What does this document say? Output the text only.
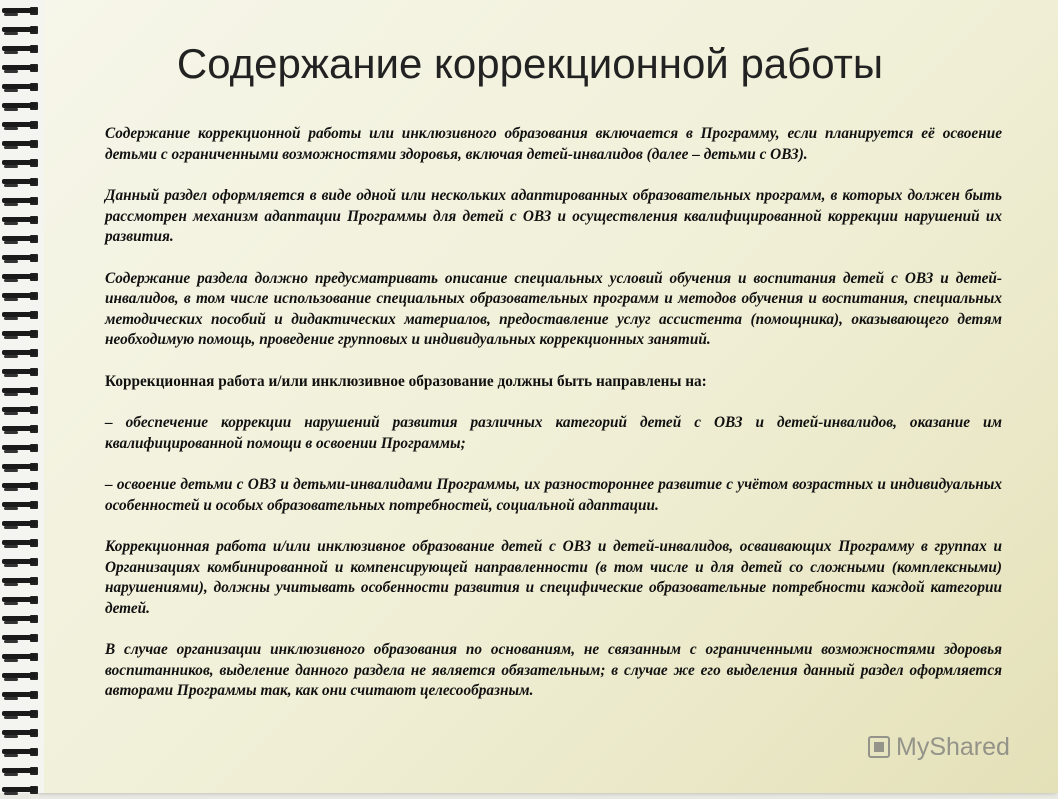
Содержание коррекционной работы

Содержание коррекционной работы или инклюзивного образования включается в Программу, если планируется её освоение детьми с ограниченными возможностями здоровья, включая детей-инвалидов (далее – детьми с ОВЗ).

Данный раздел оформляется в виде одной или нескольких адаптированных образовательных программ, в которых должен быть рассмотрен механизм адаптации Программы для детей с ОВЗ и осуществления квалифицированной коррекции нарушений их развития.

Содержание раздела должно предусматривать описание специальных условий обучения и воспитания детей с ОВЗ и детей-инвалидов, в том числе использование специальных образовательных программ и методов обучения и воспитания, специальных методических пособий и дидактических материалов, предоставление услуг ассистента (помощника), оказывающего детям необходимую помощь, проведение групповых и индивидуальных коррекционных занятий.

Коррекционная работа и/или инклюзивное образование должны быть направлены на:

– обеспечение коррекции нарушений развития различных категорий детей с ОВЗ и детей-инвалидов, оказание им квалифицированной помощи в освоении Программы;

– освоение детьми с ОВЗ и детьми-инвалидами Программы, их разностороннее развитие с учётом возрастных и индивидуальных особенностей и особых образовательных потребностей, социальной адаптации.

Коррекционная работа и/или инклюзивное образование детей с ОВЗ и детей-инвалидов, осваивающих Программу в группах и Организациях комбинированной и компенсирующей направленности (в том числе и для детей со сложными (комплексными) нарушениями), должны учитывать особенности развития и специфические образовательные потребности каждой категории детей.

В случае организации инклюзивного образования по основаниям, не связанным с ограниченными возможностями здоровья воспитанников, выделение данного раздела не является обязательным; в случае же его выделения данный раздел оформляется авторами Программы так, как они считают целесообразным.

MyShared
